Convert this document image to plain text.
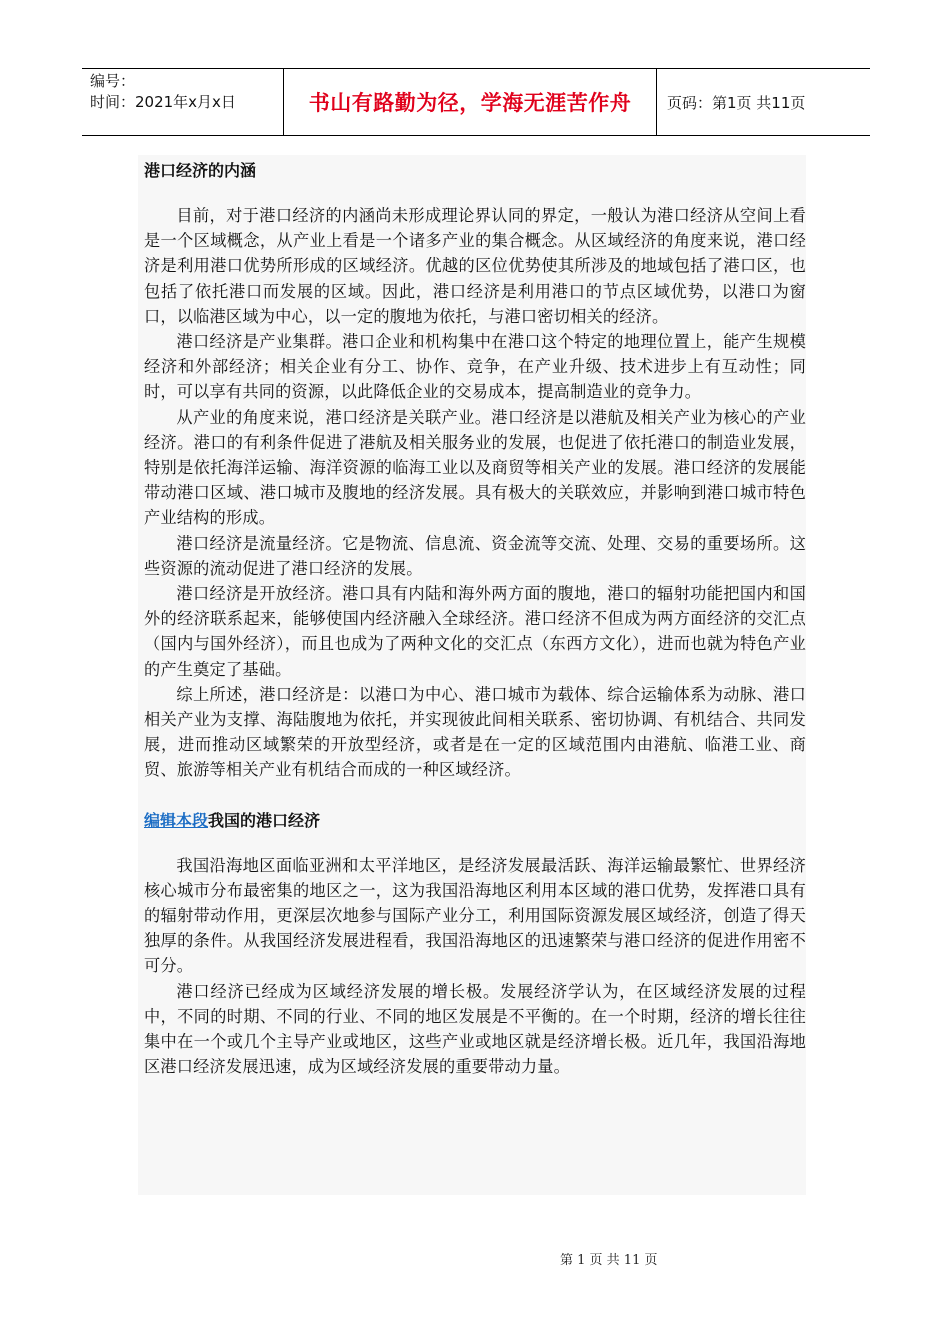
编号：
时间：2021年x月x日	书山有路勤为径，学海无涯苦作舟	页码：第1页 共11页
港口经济的内涵

目前，对于港口经济的内涵尚未形成理论界认同的界定，一般认为港口经济从空间上看是一个区域概念，从产业上看是一个诸多产业的集合概念。从区域经济的角度来说，港口经济是利用港口优势所形成的区域经济。优越的区位优势使其所涉及的地域包括了港口区，也包括了依托港口而发展的区域。因此，港口经济是利用港口的节点区域优势，以港口为窗口，以临港区域为中心，以一定的腹地为依托，与港口密切相关的经济。

港口经济是产业集群。港口企业和机构集中在港口这个特定的地理位置上，能产生规模经济和外部经济；相关企业有分工、协作、竞争，在产业升级、技术进步上有互动性；同时，可以享有共同的资源，以此降低企业的交易成本，提高制造业的竞争力。

从产业的角度来说，港口经济是关联产业。港口经济是以港航及相关产业为核心的产业经济。港口的有利条件促进了港航及相关服务业的发展，也促进了依托港口的制造业发展，特别是依托海洋运输、海洋资源的临海工业以及商贸等相关产业的发展。港口经济的发展能带动港口区域、港口城市及腹地的经济发展。具有极大的关联效应，并影响到港口城市特色产业结构的形成。

港口经济是流量经济。它是物流、信息流、资金流等交流、处理、交易的重要场所。这些资源的流动促进了港口经济的发展。

港口经济是开放经济。港口具有内陆和海外两方面的腹地，港口的辐射功能把国内和国外的经济联系起来，能够使国内经济融入全球经济。港口经济不但成为两方面经济的交汇点（国内与国外经济），而且也成为了两种文化的交汇点（东西方文化），进而也就为特色产业的产生奠定了基础。

综上所述，港口经济是：以港口为中心、港口城市为载体、综合运输体系为动脉、港口相关产业为支撑、海陆腹地为依托，并实现彼此间相关联系、密切协调、有机结合、共同发展，进而推动区域繁荣的开放型经济，或者是在一定的区域范围内由港航、临港工业、商贸、旅游等相关产业有机结合而成的一种区域经济。

编辑本段我国的港口经济

我国沿海地区面临亚洲和太平洋地区，是经济发展最活跃、海洋运输最繁忙、世界经济核心城市分布最密集的地区之一，这为我国沿海地区利用本区域的港口优势，发挥港口具有的辐射带动作用，更深层次地参与国际产业分工，利用国际资源发展区域经济，创造了得天独厚的条件。从我国经济发展进程看，我国沿海地区的迅速繁荣与港口经济的促进作用密不可分。

港口经济已经成为区域经济发展的增长极。发展经济学认为，在区域经济发展的过程中，不同的时期、不同的行业、不同的地区发展是不平衡的。在一个时期，经济的增长往往集中在一个或几个主导产业或地区，这些产业或地区就是经济增长极。近几年，我国沿海地区港口经济发展迅速，成为区域经济发展的重要带动力量。

第 1 页 共 11 页
